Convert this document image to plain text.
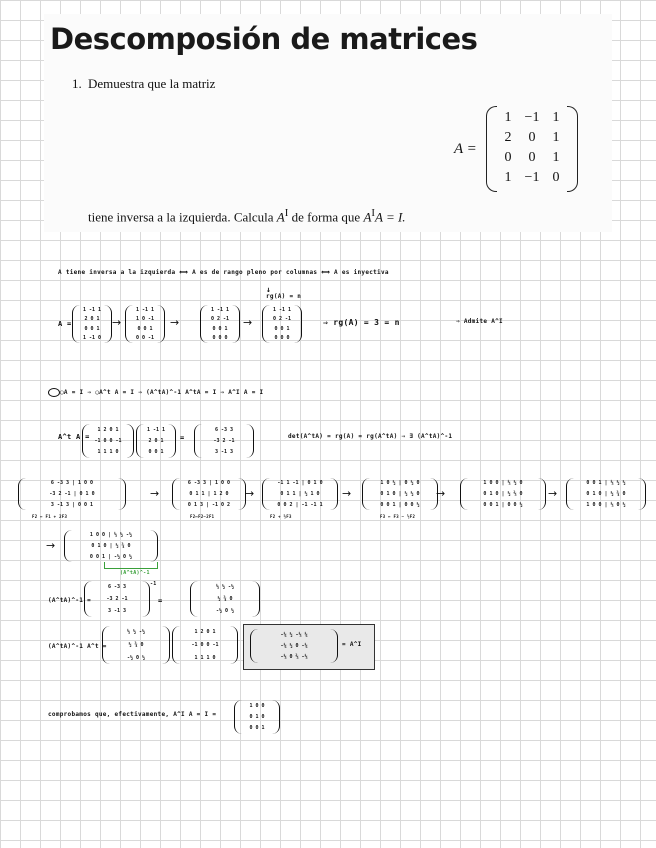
Descomposión de matrices
1. Demuestra que la matriz
A =
1	−1	1
2	0	1
0	0	1
1	−1	0
tiene inversa a la izquierda. Calcula $A^I$ de forma que $A^IA = I$.
A tiene inversa a la izquierda ⟺ A es de rango pleno por columnas ⟺ A es inyectiva
↓
rg(A) = n
A =
1 -1 1
2 0 1
0 0 1
1 -1 0
→
1 -1 1
1 0 -1
0 0 1
0 0 -1
→
1 -1 1
0 2 -1
0 0 1
0 0 0
→
1 -1 1
0 2 -1
0 0 1
0 0 0
⇒ rg(A) = 3 = n	⇒ Admite A^I
◯A = I ⇒ ◯A^t A = I ⇒ (A^tA)^-1 A^tA = I ⇒ A^I A = I
A^t A =
1 2 0 1
-1 0 0 -1
1 1 1 0
1 -1 1
2 0 1
0 0 1
=
6 -3 3
-3 2 -1
3 -1 3
det(A^tA) = rg(A) = rg(A^tA) ⇒ ∃ (A^tA)^-1
6 -3 3 | 1 0 0
-3 2 -1 | 0 1 0
3 -1 3 | 0 0 1
→
6 -3 3 | 1 0 0
0 1 1 | 1 2 0
0 1 3 | -1 0 2
→
-1 1 -1 | 0 1 0
0 1 1 | ½ 1 0
0 0 2 | -1 -1 1
→
1 0 ½ | 0 ½ 0
0 1 0 | ½ ½ 0
0 0 1 | 0 0 ½
→
1 0 0 | ⅓ ½ 0
0 1 0 | ½ ⅔ 0
0 0 1 | 0 0 ½
→
0 0 1 | ⅓ ½ ½
0 1 0 | ½ ¾ 0
1 0 0 | ⅓ 0 ½
F2 ↔ F1 + 2F3	F2↔F2−2F1	F2 + ½F3	F3 ↔ F3 − ½F2
→
1 0 0 | ⅓ ½ -½
0 1 0 | ½ ¾ 0
0 0 1 | -½ 0 ½
(A^tA)^-1
(A^tA)^-1 =
6 -3 3
-3 2 -1
3 -1 3
-1
=
⅓ ½ -½
½ ¾ 0
-½ 0 ½
(A^tA)^-1 A^t =
⅓ ½ -½
½ ¾ 0
-½ 0 ½
1 2 0 1
-1 0 0 -1
1 1 1 0
-⅙ ½ -⅓ ⅙
-⅙ ½ 0 -⅙
-⅓ 0 ⅔ -⅓
= A^I
comprobamos que, efectivamente, A^I A = I =
1 0 0
0 1 0
0 0 1
